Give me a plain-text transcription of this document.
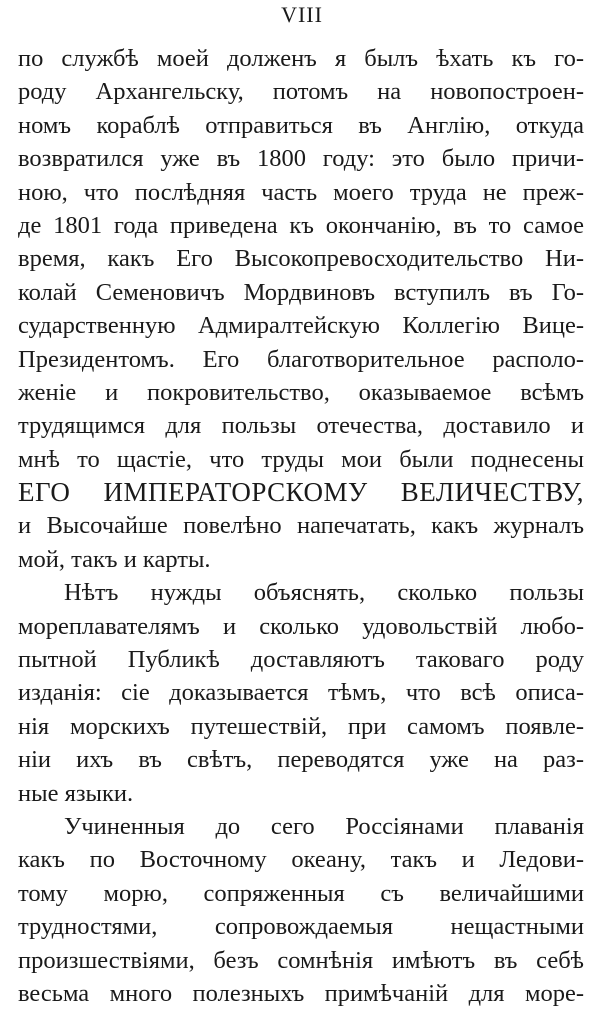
VIII
по службѣ моей долженъ я былъ ѣхать къ го-
роду Архангельску, потомъ на новопостроен-
номъ кораблѣ отправиться въ Англію, откуда
возвратился уже въ 1800 году: это было причи-
ною, что послѣдняя часть моего труда не преж-
де 1801 года приведена къ окончанію, въ то самое
время, какъ Его Высокопревосходительство Ни-
колай Семеновичъ Мордвиновъ вступилъ въ Го-
сударственную Адмиралтейскую Коллегію Вице-
Президентомъ. Его благотворительное располо-
женіе и покровительство, оказываемое всѣмъ
трудящимся для пользы отечества, доставило и
мнѣ то щастіе, что труды мои были поднесены
ЕГО ИМПЕРАТОРСКОМУ ВЕЛИЧЕСТВУ,
и Высочайше повелѣно напечатать, какъ журналъ
мой, такъ и карты.
Нѣтъ нужды объяснять, сколько пользы
мореплавателямъ и сколько удовольствій любо-
пытной Публикѣ доставляютъ таковаго роду
изданія: сіе доказывается тѣмъ, что всѣ описа-
нія морскихъ путешествій, при самомъ появле-
ніи ихъ въ свѣтъ, переводятся уже на раз-
ные языки.
Учиненныя до сего Россіянами плаванія
какъ по Восточному океану, такъ и Ледови-
тому морю, сопряженныя съ величайшими
трудностями, сопровождаемыя нещастными
произшествіями, безъ сомнѣнія имѣютъ въ себѣ
весьма много полезныхъ примѣчаній для море-
